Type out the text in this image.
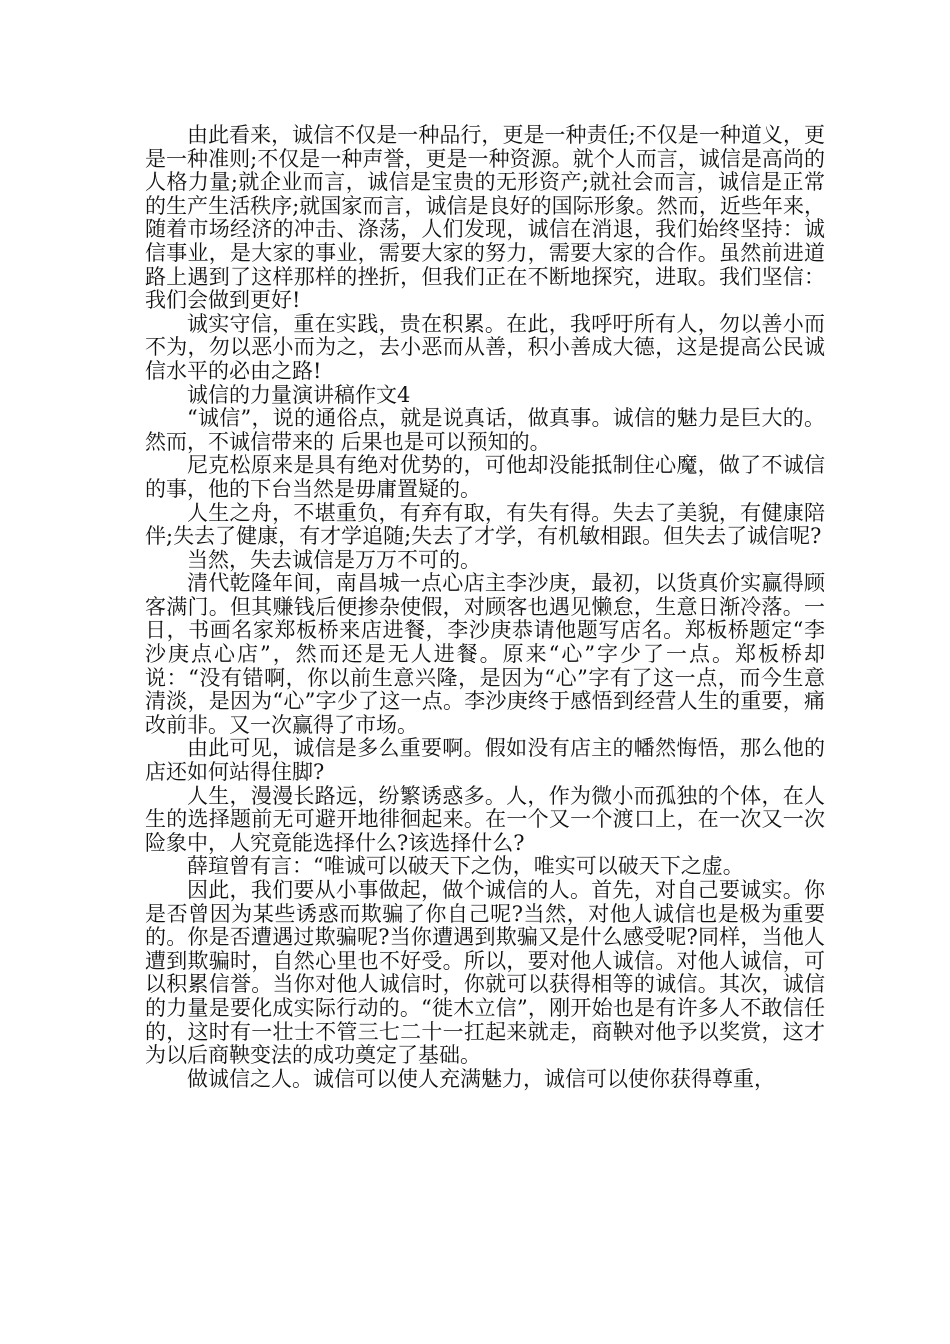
由此看来，诚信不仅是一种品行，更是一种责任;不仅是一种道义，更是一种准则;不仅是一种声誉，更是一种资源。就个人而言，诚信是高尚的人格力量;就企业而言，诚信是宝贵的无形资产;就社会而言，诚信是正常的生产生活秩序;就国家而言，诚信是良好的国际形象。然而，近些年来，随着市场经济的冲击、涤荡，人们发现，诚信在消退，我们始终坚持：诚信事业，是大家的事业，需要大家的努力，需要大家的合作。虽然前进道路上遇到了这样那样的挫折，但我们正在不断地探究，进取。我们坚信：我们会做到更好!

诚实守信，重在实践，贵在积累。在此，我呼吁所有人，勿以善小而不为，勿以恶小而为之，去小恶而从善，积小善成大德，这是提高公民诚信水平的必由之路!

诚信的力量演讲稿作文4

“诚信”，说的通俗点，就是说真话，做真事。诚信的魅力是巨大的。然而，不诚信带来的 后果也是可以预知的。

尼克松原来是具有绝对优势的，可他却没能抵制住心魔，做了不诚信的事，他的下台当然是毋庸置疑的。

人生之舟，不堪重负，有弃有取，有失有得。失去了美貌，有健康陪伴;失去了健康，有才学追随;失去了才学，有机敏相跟。但失去了诚信呢?

当然，失去诚信是万万不可的。

清代乾隆年间，南昌城一点心店主李沙庚，最初，以货真价实赢得顾客满门。但其赚钱后便掺杂使假，对顾客也遇见懒怠，生意日渐冷落。一日，书画名家郑板桥来店进餐，李沙庚恭请他题写店名。郑板桥题定“李沙庚点心店”，然而还是无人进餐。原来“心”字少了一点。郑板桥却说：“没有错啊，你以前生意兴隆，是因为“心”字有了这一点，而今生意清淡，是因为“心”字少了这一点。李沙庚终于感悟到经营人生的重要，痛改前非。又一次赢得了市场。

由此可见，诚信是多么重要啊。假如没有店主的幡然悔悟，那么他的店还如何站得住脚?

人生，漫漫长路远，纷繁诱惑多。人，作为微小而孤独的个体，在人生的选择题前无可避开地徘徊起来。在一个又一个渡口上，在一次又一次险象中，人究竟能选择什么?该选择什么?

薛瑄曾有言：“唯诚可以破天下之伪，唯实可以破天下之虚。

因此，我们要从小事做起，做个诚信的人。首先，对自己要诚实。你是否曾因为某些诱惑而欺骗了你自己呢?当然，对他人诚信也是极为重要的。你是否遭遇过欺骗呢?当你遭遇到欺骗又是什么感受呢?同样，当他人遭到欺骗时，自然心里也不好受。所以，要对他人诚信。对他人诚信，可以积累信誉。当你对他人诚信时，你就可以获得相等的诚信。其次，诚信的力量是要化成实际行动的。“徙木立信”，刚开始也是有许多人不敢信任的，这时有一壮士不管三七二十一扛起来就走，商鞅对他予以奖赏，这才为以后商鞅变法的成功奠定了基础。

做诚信之人。诚信可以使人充满魅力，诚信可以使你获得尊重，
